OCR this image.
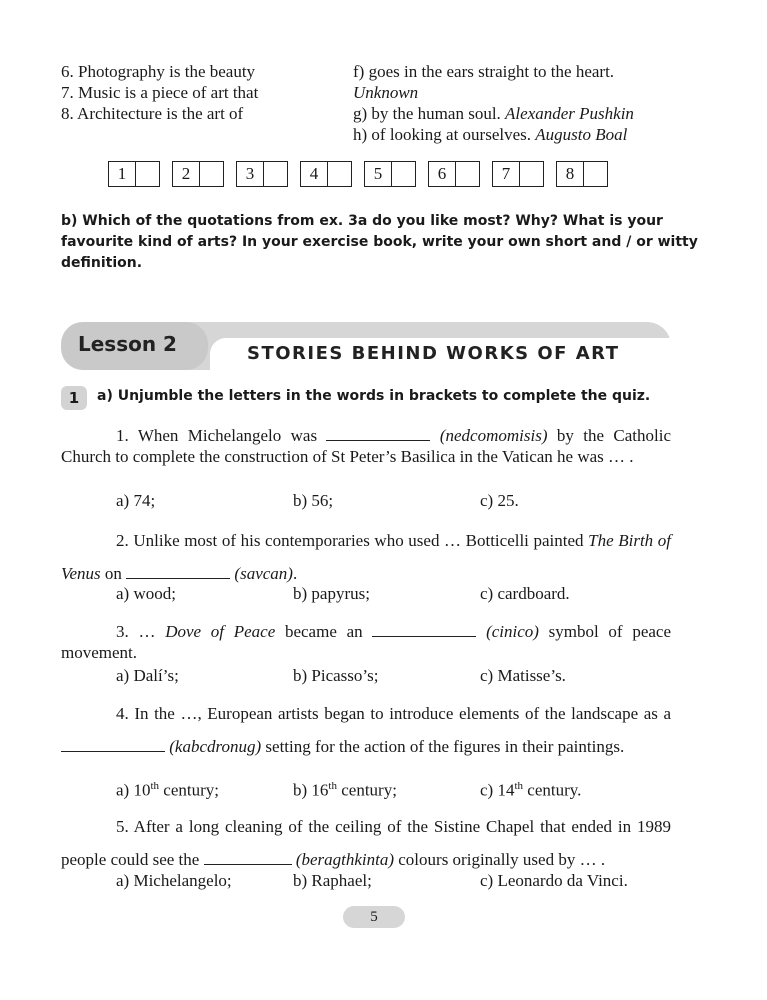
6. Photography is the beauty
7. Music is a piece of art that
8. Architecture is the art of
f) goes in the ears straight to the heart.
Unknown
g) by the human soul. Alexander Pushkin
h) of looking at ourselves. Augusto Boal
1	2	3	4	5	6	7	8
b) Which of the quotations from ex. 3a do you like most? Why? What is your favourite kind of arts? In your exercise book, write your own short and / or witty definition.
Lesson 2	STORIES BEHIND WORKS OF ART
1	a) Unjumble the letters in the words in brackets to complete the quiz.
1. When Michelangelo was	(nedcomomisis) by the Catholic Church to complete the construction of St Peter’s Basilica in the Vatican he was … .
a) 74;	b) 56;	c) 25.
2. Unlike most of his contemporaries who used … Botticelli painted The Birth of Venus on	(savcan).
a) wood;	b) papyrus;	c) cardboard.
3. … Dove of Peace became an	(cinico) symbol of peace movement.
a) Dalí’s;	b) Picasso’s;	c) Matisse’s.
4. In the …, European artists began to introduce elements of the landscape as a  (kabcdronug) setting for the action of the figures in their paintings.
a) 10th century;	b) 16th century;	c) 14th century.
5. After a long cleaning of the ceiling of the Sistine Chapel that ended in 1989 people could see the	(beragthkinta) colours originally used by … .
a) Michelangelo;	b) Raphael;	c) Leonardo da Vinci.
5
